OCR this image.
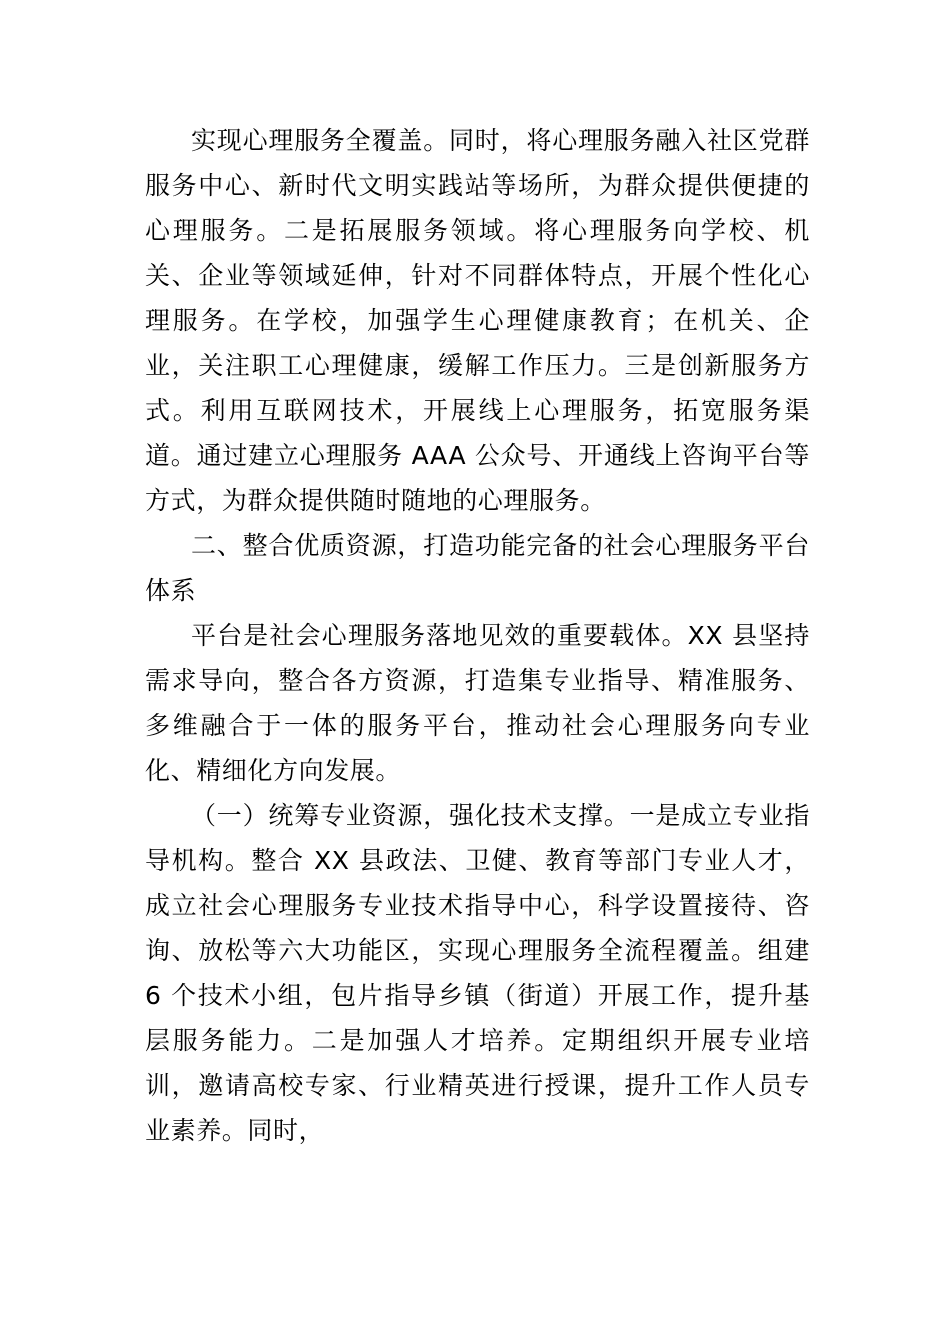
实现心理服务全覆盖。同时，将心理服务融入社区党群服务中心、新时代文明实践站等场所，为群众提供便捷的心理服务。二是拓展服务领域。将心理服务向学校、机关、企业等领域延伸，针对不同群体特点，开展个性化心理服务。在学校，加强学生心理健康教育；在机关、企业，关注职工心理健康，缓解工作压力。三是创新服务方式。利用互联网技术，开展线上心理服务，拓宽服务渠道。通过建立心理服务 AAA 公众号、开通线上咨询平台等方式，为群众提供随时随地的心理服务。

二、整合优质资源，打造功能完备的社会心理服务平台体系

平台是社会心理服务落地见效的重要载体。XX 县坚持需求导向，整合各方资源，打造集专业指导、精准服务、多维融合于一体的服务平台，推动社会心理服务向专业化、精细化方向发展。

（一）统筹专业资源，强化技术支撑。一是成立专业指导机构。整合 XX 县政法、卫健、教育等部门专业人才，成立社会心理服务专业技术指导中心，科学设置接待、咨询、放松等六大功能区，实现心理服务全流程覆盖。组建 6 个技术小组，包片指导乡镇（街道）开展工作，提升基层服务能力。二是加强人才培养。定期组织开展专业培训，邀请高校专家、行业精英进行授课，提升工作人员专业素养。同时，
